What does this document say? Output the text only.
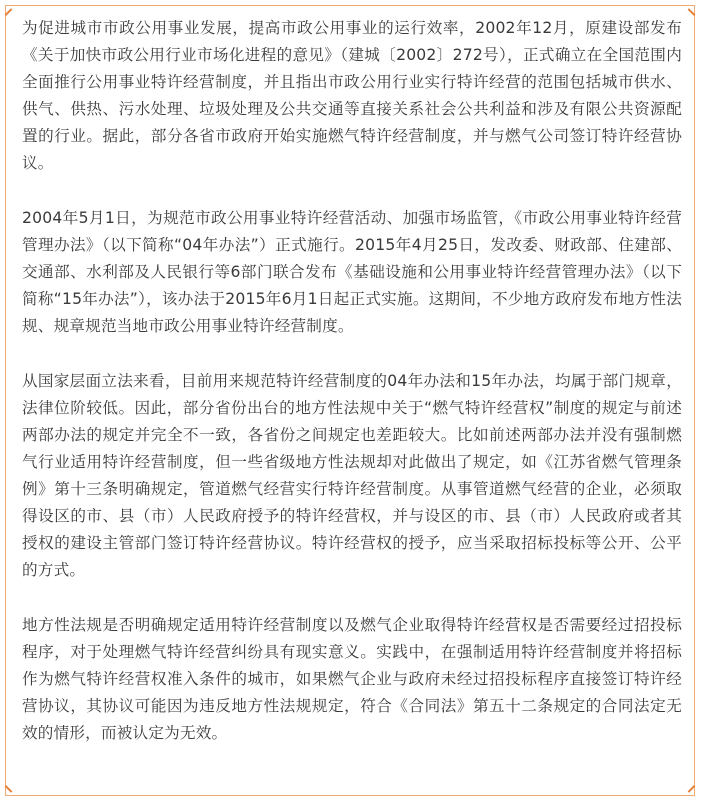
为促进城市市政公用事业发展，提高市政公用事业的运行效率，2002年12月，原建设部发布《关于加快市政公用行业市场化进程的意见》（建城〔2002〕272号），正式确立在全国范围内全面推行公用事业特许经营制度，并且指出市政公用行业实行特许经营的范围包括城市供水、供气、供热、污水处理、垃圾处理及公共交通等直接关系社会公共利益和涉及有限公共资源配置的行业。据此，部分各省市政府开始实施燃气特许经营制度，并与燃气公司签订特许经营协议。

2004年5月1日，为规范市政公用事业特许经营活动、加强市场监管，《市政公用事业特许经营管理办法》（以下简称“04年办法”）正式施行。2015年4月25日，发改委、财政部、住建部、交通部、水利部及人民银行等6部门联合发布《基础设施和公用事业特许经营管理办法》（以下简称“15年办法”），该办法于2015年6月1日起正式实施。这期间，不少地方政府发布地方性法规、规章规范当地市政公用事业特许经营制度。

从国家层面立法来看，目前用来规范特许经营制度的04年办法和15年办法，均属于部门规章，法律位阶较低。因此，部分省份出台的地方性法规中关于“燃气特许经营权”制度的规定与前述两部办法的规定并完全不一致，各省份之间规定也差距较大。比如前述两部办法并没有强制燃气行业适用特许经营制度，但一些省级地方性法规却对此做出了规定，如《江苏省燃气管理条例》第十三条明确规定，管道燃气经营实行特许经营制度。从事管道燃气经营的企业，必须取得设区的市、县（市）人民政府授予的特许经营权，并与设区的市、县（市）人民政府或者其授权的建设主管部门签订特许经营协议。特许经营权的授予，应当采取招标投标等公开、公平的方式。

地方性法规是否明确规定适用特许经营制度以及燃气企业取得特许经营权是否需要经过招投标程序，对于处理燃气特许经营纠纷具有现实意义。实践中，在强制适用特许经营制度并将招标作为燃气特许经营权准入条件的城市，如果燃气企业与政府未经过招投标程序直接签订特许经营协议，其协议可能因为违反地方性法规规定，符合《合同法》第五十二条规定的合同法定无效的情形，而被认定为无效。
